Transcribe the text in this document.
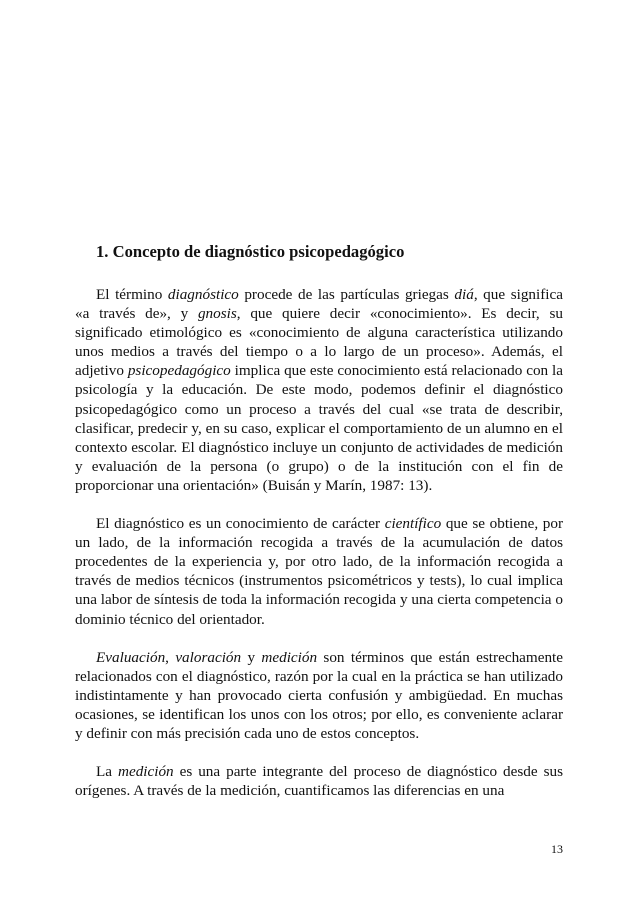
1. Concepto de diagnóstico psicopedagógico

El término diagnóstico procede de las partículas griegas diá, que significa «a través de», y gnosis, que quiere decir «conocimiento». Es decir, su significado etimológico es «conocimiento de alguna característica utilizando unos medios a través del tiempo o a lo largo de un proceso». Además, el adjetivo psicopedagógico implica que este conocimiento está relacionado con la psicología y la educación. De este modo, podemos definir el diagnóstico psicopedagógico como un proceso a través del cual «se trata de describir, clasificar, predecir y, en su caso, explicar el comportamiento de un alumno en el contexto escolar. El diagnóstico incluye un conjunto de actividades de medición y evaluación de la persona (o grupo) o de la institución con el fin de proporcionar una orientación» (Buisán y Marín, 1987: 13).

El diagnóstico es un conocimiento de carácter científico que se obtiene, por un lado, de la información recogida a través de la acumulación de datos procedentes de la experiencia y, por otro lado, de la información recogida a través de medios técnicos (instrumentos psicométricos y tests), lo cual implica una labor de síntesis de toda la información recogida y una cierta competencia o dominio técnico del orientador.

Evaluación, valoración y medición son términos que están estrechamente relacionados con el diagnóstico, razón por la cual en la práctica se han utilizado indistintamente y han provocado cierta confusión y ambigüedad. En muchas ocasiones, se identifican los unos con los otros; por ello, es conveniente aclarar y definir con más precisión cada uno de estos conceptos.

La medición es una parte integrante del proceso de diagnóstico desde sus orígenes. A través de la medición, cuantificamos las diferencias en una

13
